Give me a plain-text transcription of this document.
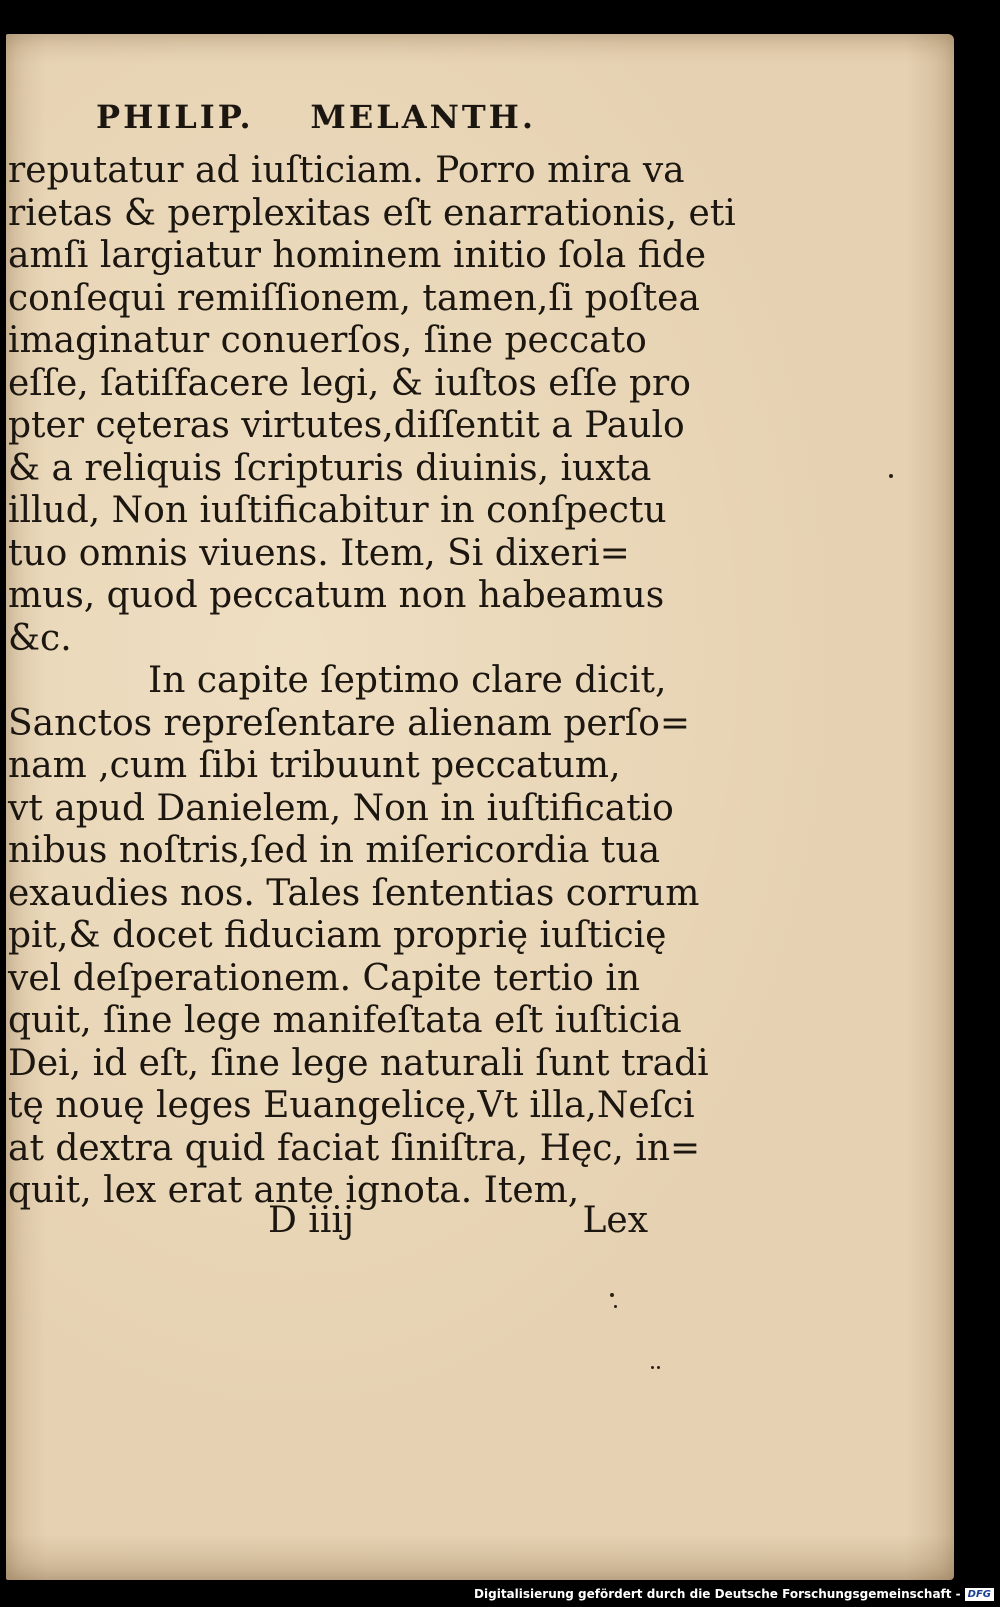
PHILIP. MELANTH.
reputatur ad iuſticiam. Porro mira va
rietas & perplexitas eſt enarrationis, eti
amſi largiatur hominem initio ſola fide
conſequi remiſſionem, tamen,ſi poſtea
imaginatur conuerſos, ſine peccato
eſſe, ſatiſfacere legi, & iuſtos eſſe pro
pter cęteras virtutes,diſſentit a Paulo
& a reliquis ſcripturis diuinis, iuxta
illud, Non iuſtificabitur in conſpectu
tuo omnis viuens. Item, Si dixeri=
mus, quod peccatum non habeamus
&c.
In capite ſeptimo clare dicit,
Sanctos repreſentare alienam perſo=
nam ,cum ſibi tribuunt peccatum,
vt apud Danielem, Non in iuſtificatio
nibus noſtris,ſed in miſericordia tua
exaudies nos. Tales ſententias corrum
pit,& docet fiduciam proprię iuſticię
vel deſperationem. Capite tertio in
quit, ſine lege manifeſtata eſt iuſticia
Dei, id eſt, ſine lege naturali ſunt tradi
tę nouę leges Euangelicę,Vt illa,Neſci
at dextra quid faciat ſiniſtra, Hęc, in=
quit, lex erat ante ignota. Item,
D iiij	Lex
Digitalisierung gefördert durch die Deutsche Forschungsgemeinschaft - DFG
